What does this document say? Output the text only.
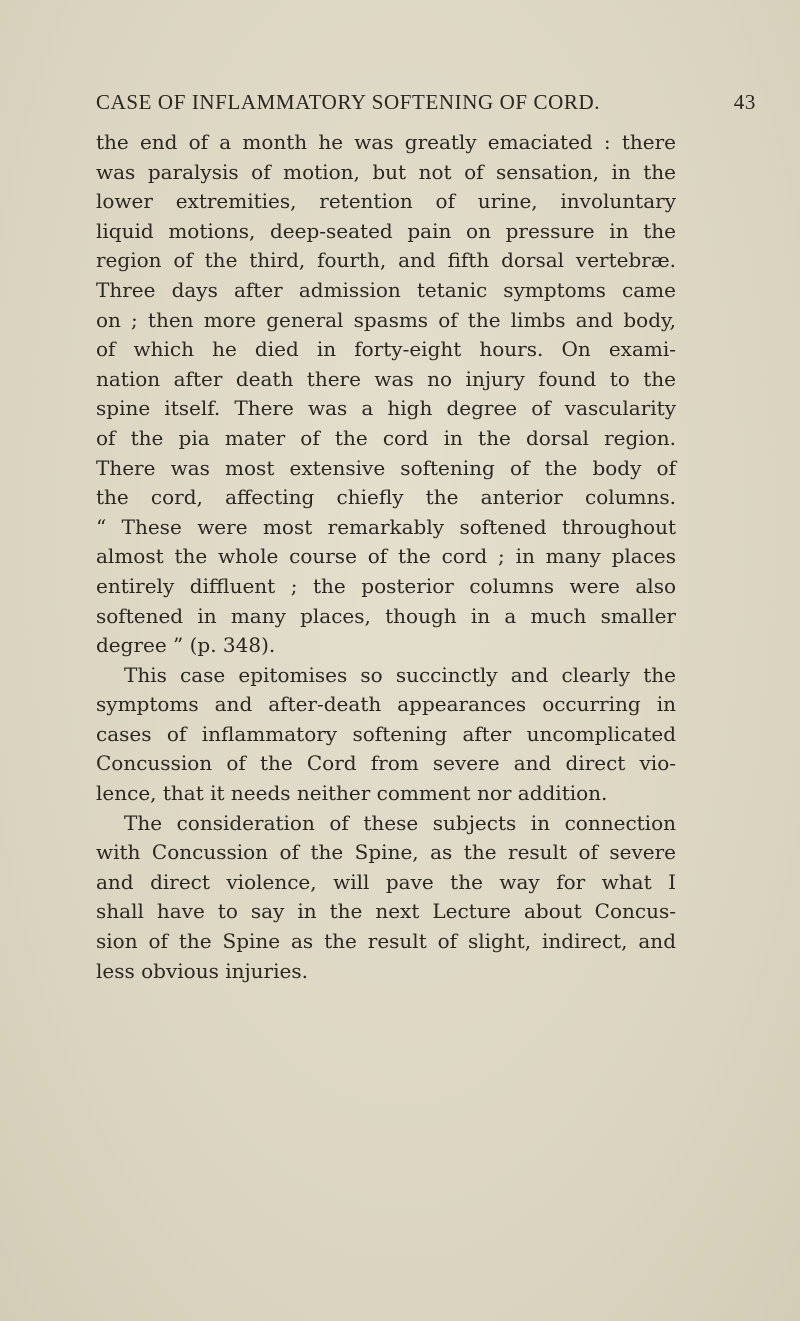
CASE OF INFLAMMATORY SOFTENING OF CORD.	43
the end of a month he was greatly emaciated : there
was paralysis of motion, but not of sensation, in the
lower extremities, retention of urine, involuntary
liquid motions, deep-seated pain on pressure in the
region of the third, fourth, and fifth dorsal vertebræ.
Three days after admission tetanic symptoms came
on ; then more general spasms of the limbs and body,
of which he died in forty-eight hours. On exami-
nation after death there was no injury found to the
spine itself. There was a high degree of vascularity
of the pia mater of the cord in the dorsal region.
There was most extensive softening of the body of
the cord, affecting chiefly the anterior columns.
“ These were most remarkably softened throughout
almost the whole course of the cord ; in many places
entirely diffluent ; the posterior columns were also
softened in many places, though in a much smaller
degree ” (p. 348).
This case epitomises so succinctly and clearly the
symptoms and after-death appearances occurring in
cases of inflammatory softening after uncomplicated
Concussion of the Cord from severe and direct vio-
lence, that it needs neither comment nor addition.
The consideration of these subjects in connection
with Concussion of the Spine, as the result of severe
and direct violence, will pave the way for what I
shall have to say in the next Lecture about Concus-
sion of the Spine as the result of slight, indirect, and
less obvious injuries.
